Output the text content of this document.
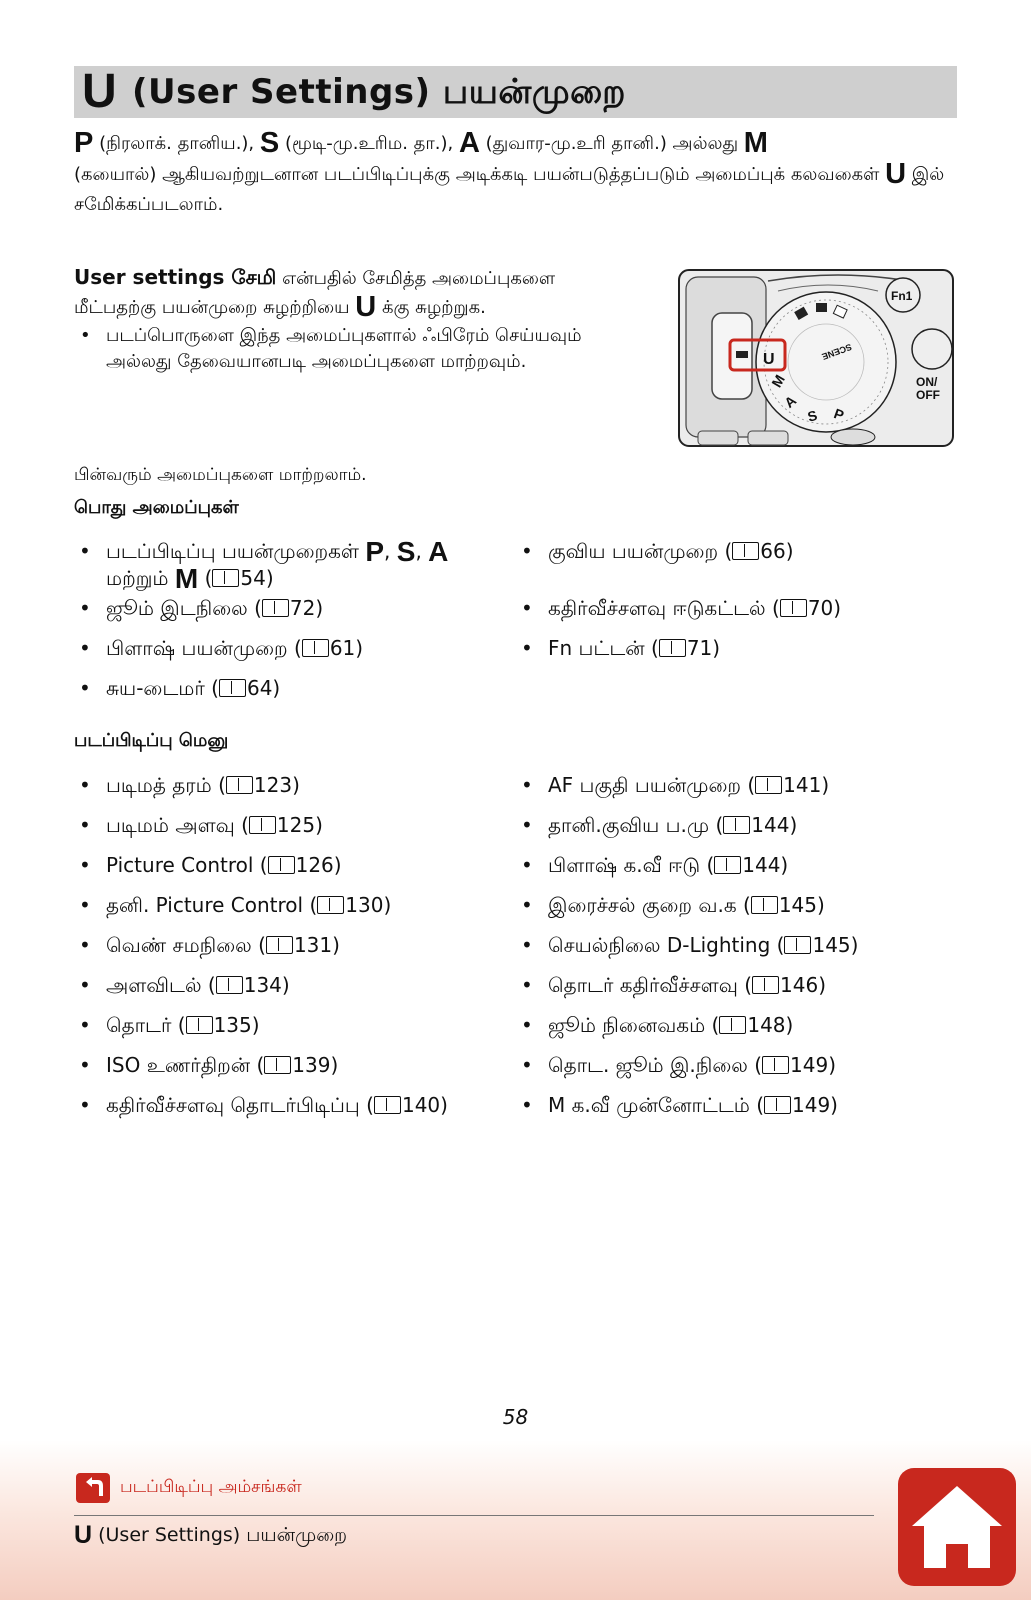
U (User Settings) பயன்முறை
P (நிரலாக். தானிய.), S (மூடி-மு.உரிம. தா.), A (துவார-மு.உரி தானி.) அல்லது M
(கயைால்) ஆகியவற்றுடனான படப்பிடிப்புக்கு அடிக்கடி பயன்படுத்தப்படும் அமைப்புக் கலவகைள் U இல் சமேிக்கப்படலாம்.
User settings சேமி என்பதில் சேமித்த அமைப்புகளை
மீட்பதற்கு பயன்முறை சுழற்றியை U க்கு சுழற்றுக.
• படப்பொருளை இந்த அமைப்புகளால் ஃபிரேம் செய்யவும்
அல்லது தேவையானபடி அமைப்புகளை மாற்றவும்.	U	SCENE
M
A
S P
Fn1
ON/
OFF
பின்வரும் அமைப்புகளை மாற்றலாம்.
பொது அமைப்புகள்
• படப்பிடிப்பு பயன்முறைகள் P, S, A
மற்றும் M ( 54)
• ஜூம் இடநிலை ( 72)
• பிளாஷ் பயன்முறை ( 61)
• சுய-டைமர் ( 64)
• குவிய பயன்முறை ( 66)
• கதிர்வீச்சளவு ஈடுகட்டல் ( 70)
• Fn பட்டன் ( 71)
படப்பிடிப்பு மெனு
• படிமத் தரம் ( 123)
• படிமம் அளவு ( 125)
• Picture Control ( 126)
• தனி. Picture Control ( 130)
• வெண் சமநிலை ( 131)
• அளவிடல் ( 134)
• தொடர் ( 135)
• ISO உணர்திறன் ( 139)
• கதிர்வீச்சளவு தொடர்பிடிப்பு ( 140)
• AF பகுதி பயன்முறை ( 141)
• தானி.குவிய ப.மு ( 144)
• பிளாஷ் க.வீ ஈடு ( 144)
• இரைச்சல் குறை வ.க ( 145)
• செயல்நிலை D-Lighting ( 145)
• தொடர் கதிர்வீச்சளவு ( 146)
• ஜூம் நினைவகம் ( 148)
• தொட. ஜூம் இ.நிலை ( 149)
• M க.வீ முன்னோட்டம் ( 149)
58
படப்பிடிப்பு அம்சங்கள்
U (User Settings) பயன்முறை
